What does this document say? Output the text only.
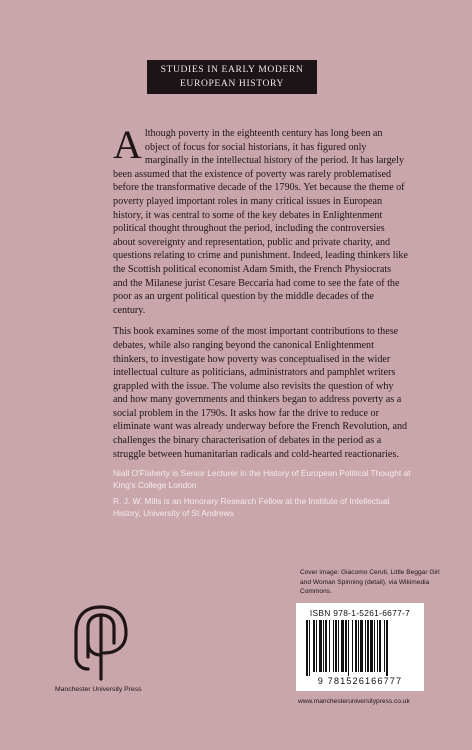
STUDIES IN EARLY MODERN
EUROPEAN HISTORY

Although poverty in the eighteenth century has long been an object of focus for social historians, it has figured only marginally in the intellectual history of the period. It has largely been assumed that the existence of poverty was rarely problematised before the transformative decade of the 1790s. Yet because the theme of poverty played important roles in many critical issues in European history, it was central to some of the key debates in Enlightenment political thought throughout the period, including the controversies about sovereignty and representation, public and private charity, and questions relating to crime and punishment. Indeed, leading thinkers like the Scottish political economist Adam Smith, the French Physiocrats and the Milanese jurist Cesare Beccaria had come to see the fate of the poor as an urgent political question by the middle decades of the century.

This book examines some of the most important contributions to these debates, while also ranging beyond the canonical Enlightenment thinkers, to investigate how poverty was conceptualised in the wider intellectual culture as politicians, administrators and pamphlet writers grappled with the issue. The volume also revisits the question of why and how many governments and thinkers began to address poverty as a social problem in the 1790s. It asks how far the drive to reduce or eliminate want was already underway before the French Revolution, and challenges the binary characterisation of debates in the period as a struggle between humanitarian radicals and cold-hearted reactionaries.

Niall O'Flaherty is Senior Lecturer in the History of European Political Thought at King's College London

R. J. W. Mills is an Honorary Research Fellow at the Institute of Intellectual History, University of St Andrews

Cover image: Giacomo Ceruti, Little Beggar Girl and Woman Spinning (detail), via Wikimedia Commons.
ISBN 978-1-5261-6677-7
9
781526 166777
www.manchesteruniversitypress.co.uk
Manchester University Press
